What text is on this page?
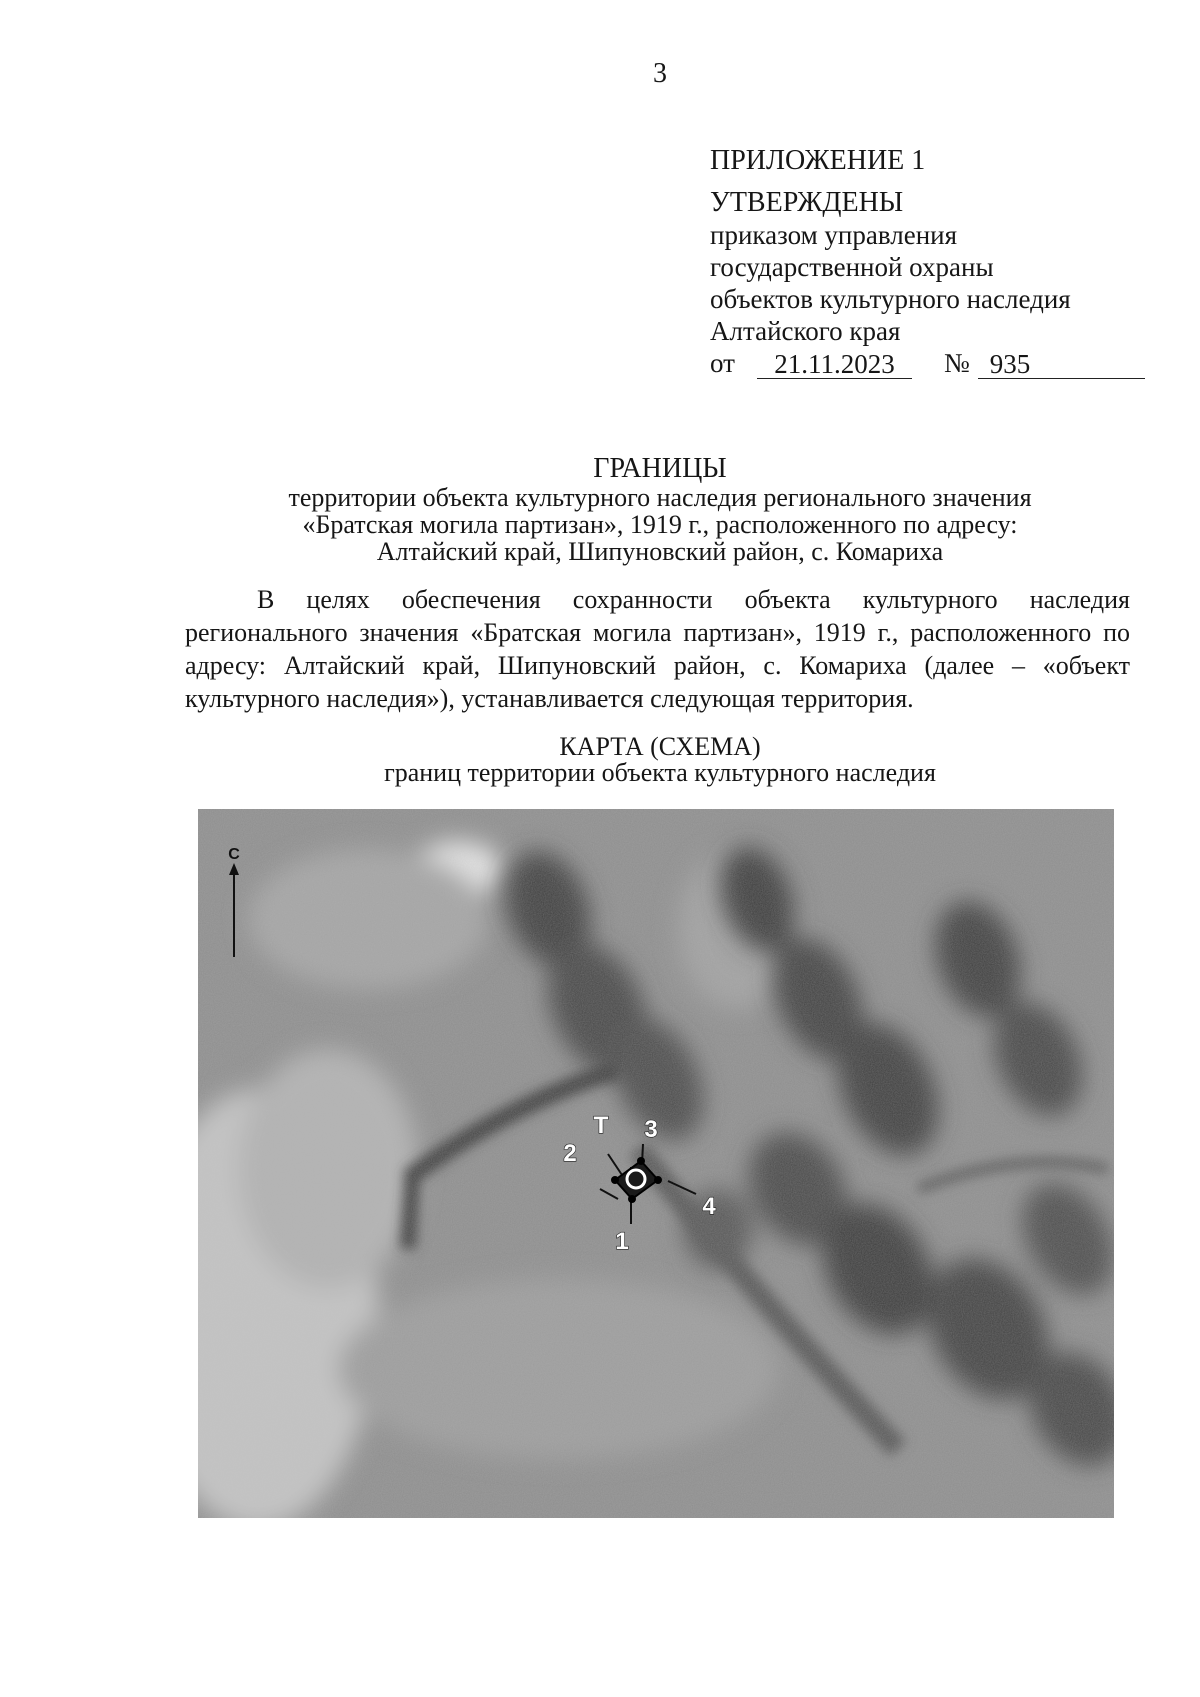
3
ПРИЛОЖЕНИЕ 1
УТВЕРЖДЕНЫ
приказом управления
государственной охраны
объектов культурного наследия
Алтайского края
от	21.11.2023	№ 935
ГРАНИЦЫ
территории объекта культурного наследия регионального значения
«Братская могила партизан», 1919 г., расположенного по адресу:
Алтайский край, Шипуновский район, с. Комариха
В целях обеспечения сохранности объекта культурного наследия регионального значения «Братская могила партизан», 1919 г., расположенного по адресу: Алтайский край, Шипуновский район, с. Комариха (далее – «объект культурного наследия»), устанавливается следующая территория.
КАРТА (СХЕМА)
границ территории объекта культурного наследия
С
1
2
3
4
Т
